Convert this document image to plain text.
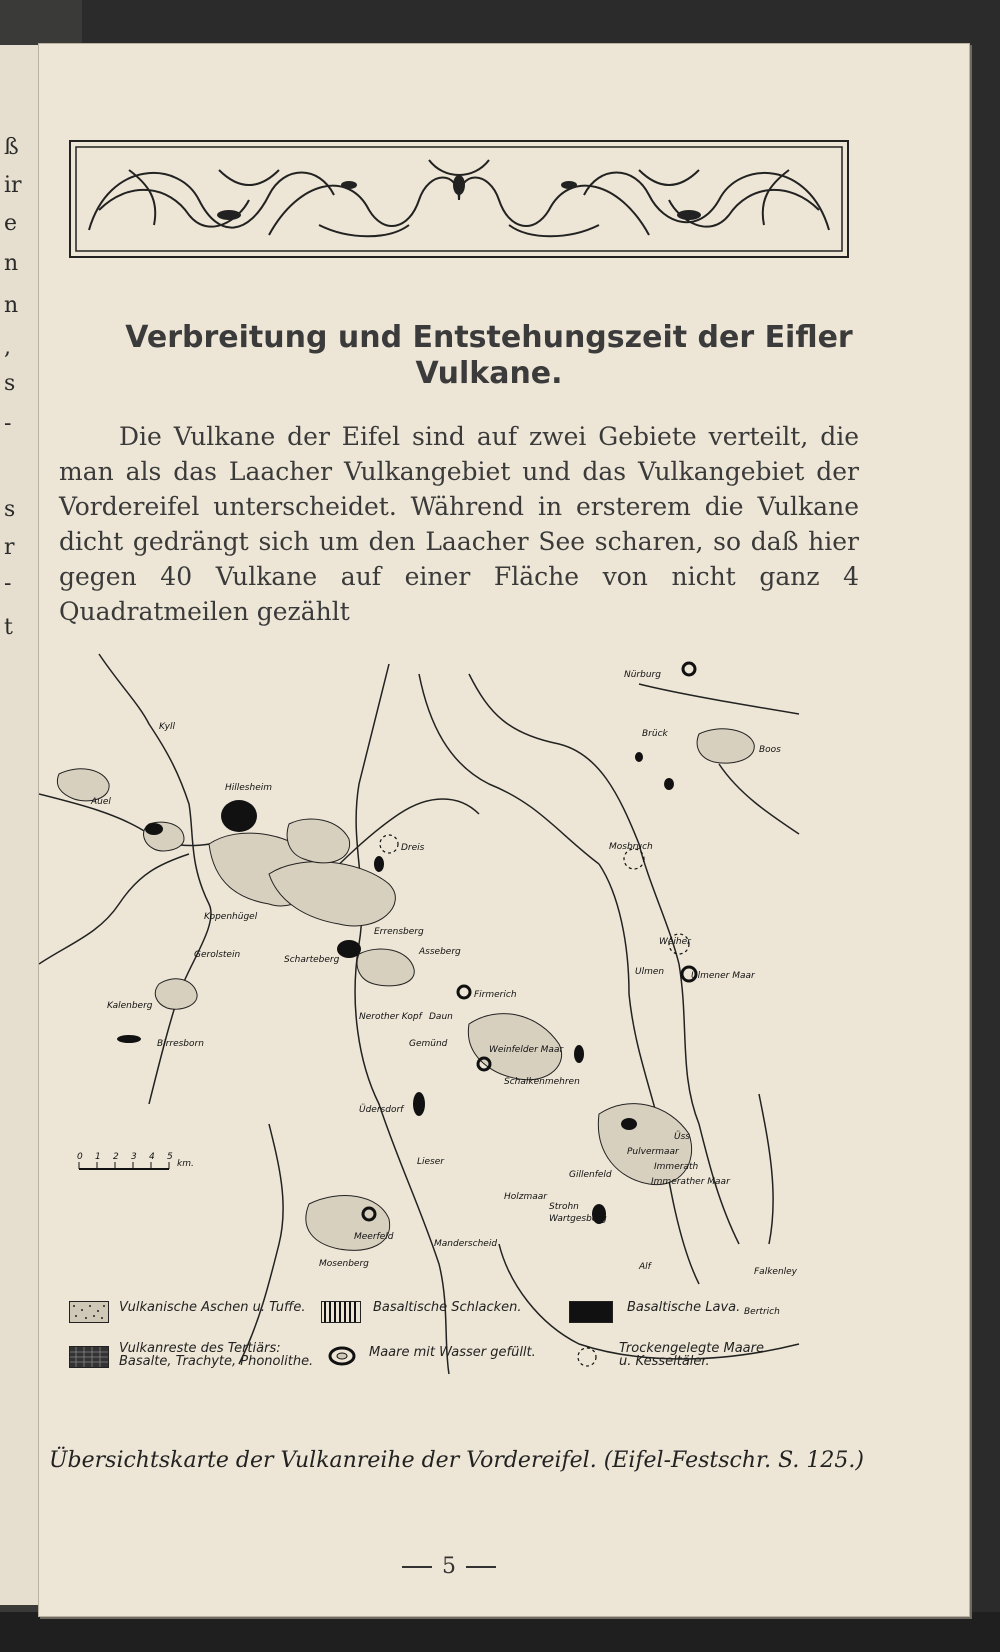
ß
ir
e
n
n
,
s
-
s
r
-
t
Verbreitung und Entstehungszeit der Eifler
Vulkane.

Die Vulkane der Eifel sind auf zwei Gebiete verteilt, die man als das Laacher Vulkangebiet und das Vulkangebiet der Vordereifel unterscheidet. Während in ersterem die Vulkane dicht gedrängt sich um den Laacher See scharen, so daß hier gegen 40 Vulkane auf einer Fläche von nicht ganz 4 Quadratmeilen gezählt

0 1 2 3 4 5
km.
Hillesheim
Auel
Dreis
Gerolstein	Scharteberg
Errensberg
Asseberg
Kalenberg
Birresborn
Nerother Kopf Daun
Gemünd
Firmerich
Weinfelder Maar
Schalkenmehren
Üdersdorf
Gillenfeld
Holzmaar
Strohn
Wartgesberg
Pulvermaar
Immerath
Immerather Maar
Meerfeld
Mosenberg
Manderscheid
Falkenley
Bertrich
Ulmen	Ulmener Maar
Weiher
Mosbruch
Boos
Brück
Nürburg
Üss
Alf
Lieser
Kyll
Kopenhügel
Vulkanische Aschen u. Tuffe.	Basaltische Schlacken.	Basaltische Lava.
Vulkanreste des Tertiärs:
Basalte, Trachyte, Phonolithe.
Maare mit Wasser gefüllt.	Trockengelegte Maare
u. Kesseltäler.

Übersichtskarte der Vulkanreihe der Vordereifel. (Eifel-Festschr. S. 125.)

5
